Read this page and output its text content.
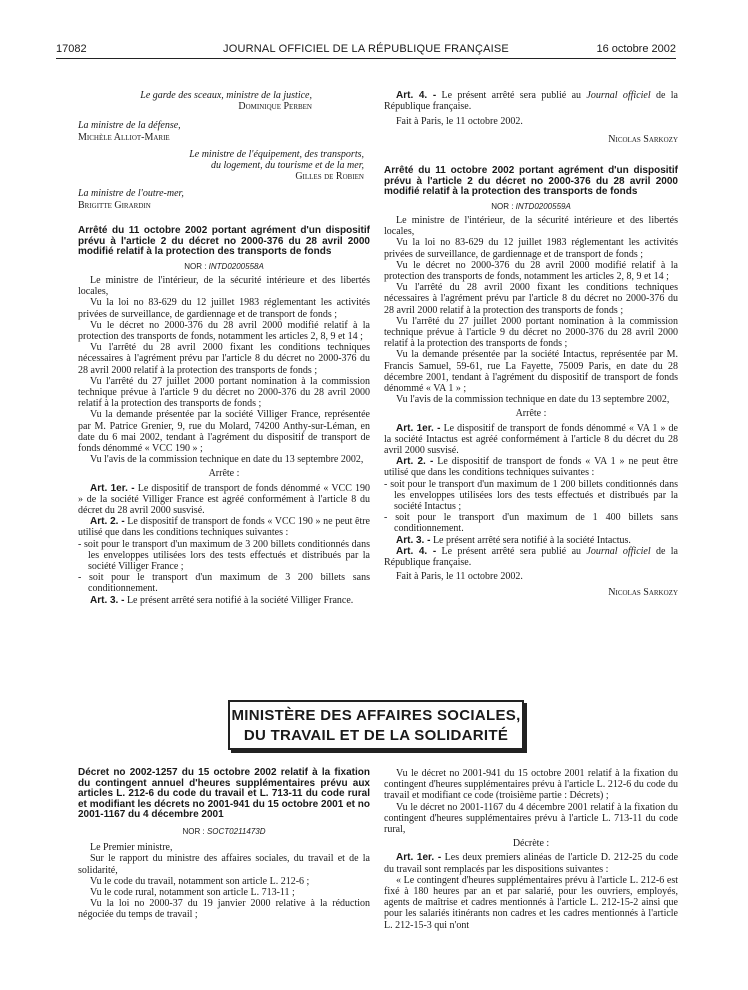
17082	JOURNAL OFFICIEL DE LA RÉPUBLIQUE FRANÇAISE	16 octobre 2002
Le garde des sceaux, ministre de la justice,
Dominique Perben
La ministre de la défense,
Michèle Alliot-Marie
Le ministre de l'équipement, des transports,
du logement, du tourisme et de la mer,
Gilles de Robien
La ministre de l'outre-mer,
Brigitte Girardin

Arrêté du 11 octobre 2002 portant agrément d'un dispositif prévu à l'article 2 du décret no 2000-376 du 28 avril 2000 modifié relatif à la protection des transports de fonds

NOR : INTD0200558A

Le ministre de l'intérieur, de la sécurité intérieure et des libertés locales,

Vu la loi no 83-629 du 12 juillet 1983 réglementant les activités privées de surveillance, de gardiennage et de transport de fonds ;

Vu le décret no 2000-376 du 28 avril 2000 modifié relatif à la protection des transports de fonds, notamment les articles 2, 8, 9 et 14 ;

Vu l'arrêté du 28 avril 2000 fixant les conditions techniques nécessaires à l'agrément prévu par l'article 8 du décret no 2000-376 du 28 avril 2000 relatif à la protection des transports de fonds ;

Vu l'arrêté du 27 juillet 2000 portant nomination à la commission technique prévue à l'article 9 du décret no 2000-376 du 28 avril 2000 relatif à la protection des transports de fonds ;

Vu la demande présentée par la société Villiger France, représentée par M. Patrice Grenier, 9, rue du Molard, 74200 Anthy-sur-Léman, en date du 6 mai 2002, tendant à l'agrément du dispositif de transport de fonds dénommé « VCC 190 » ;

Vu l'avis de la commission technique en date du 13 septembre 2002,

Arrête :

Art. 1er. - Le dispositif de transport de fonds dénommé « VCC 190 » de la société Villiger France est agréé conformément à l'article 8 du décret du 28 avril 2000 susvisé.

Art. 2. - Le dispositif de transport de fonds « VCC 190 » ne peut être utilisé que dans les conditions techniques suivantes :

- soit pour le transport d'un maximum de 3 200 billets conditionnés dans les enveloppes utilisées lors des tests effectués et distribués par la société Villiger France ;

- soit pour le transport d'un maximum de 3 200 billets sans conditionnement.

Art. 3. - Le présent arrêté sera notifié à la société Villiger France.

Art. 4. - Le présent arrêté sera publié au Journal officiel de la République française.

Fait à Paris, le 11 octobre 2002.

Nicolas Sarkozy

Arrêté du 11 octobre 2002 portant agrément d'un dispositif prévu à l'article 2 du décret no 2000-376 du 28 avril 2000 modifié relatif à la protection des transports de fonds

NOR : INTD0200559A

Le ministre de l'intérieur, de la sécurité intérieure et des libertés locales,

Vu la loi no 83-629 du 12 juillet 1983 réglementant les activités privées de surveillance, de gardiennage et de transport de fonds ;

Vu le décret no 2000-376 du 28 avril 2000 modifié relatif à la protection des transports de fonds, notamment les articles 2, 8, 9 et 14 ;

Vu l'arrêté du 28 avril 2000 fixant les conditions techniques nécessaires à l'agrément prévu par l'article 8 du décret no 2000-376 du 28 avril 2000 relatif à la protection des transports de fonds ;

Vu l'arrêté du 27 juillet 2000 portant nomination à la commission technique prévue à l'article 9 du décret no 2000-376 du 28 avril 2000 relatif à la protection des transports de fonds ;

Vu la demande présentée par la société Intactus, représentée par M. Francis Samuel, 59-61, rue La Fayette, 75009 Paris, en date du 28 décembre 2001, tendant à l'agrément du dispositif de transport de fonds dénommé « VA 1 » ;

Vu l'avis de la commission technique en date du 13 septembre 2002,

Arrête :

Art. 1er. - Le dispositif de transport de fonds dénommé « VA 1 » de la société Intactus est agréé conformément à l'article 8 du décret du 28 avril 2000 susvisé.

Art. 2. - Le dispositif de transport de fonds « VA 1 » ne peut être utilisé que dans les conditions techniques suivantes :

- soit pour le transport d'un maximum de 1 200 billets conditionnés dans les enveloppes utilisées lors des tests effectués et distribués par la société Intactus ;

- soit pour le transport d'un maximum de 1 400 billets sans conditionnement.

Art. 3. - Le présent arrêté sera notifié à la société Intactus.

Art. 4. - Le présent arrêté sera publié au Journal officiel de la République française.

Fait à Paris, le 11 octobre 2002.

Nicolas Sarkozy

MINISTÈRE DES AFFAIRES SOCIALES,
DU TRAVAIL ET DE LA SOLIDARITÉ

Décret no 2002-1257 du 15 octobre 2002 relatif à la fixation du contingent annuel d'heures supplémentaires prévu aux articles L. 212-6 du code du travail et L. 713-11 du code rural et modifiant les décrets no 2001-941 du 15 octobre 2001 et no 2001-1167 du 4 décembre 2001

NOR : SOCT0211473D

Le Premier ministre,

Sur le rapport du ministre des affaires sociales, du travail et de la solidarité,

Vu le code du travail, notamment son article L. 212-6 ;

Vu le code rural, notamment son article L. 713-11 ;

Vu la loi no 2000-37 du 19 janvier 2000 relative à la réduction négociée du temps de travail ;

Vu le décret no 2001-941 du 15 octobre 2001 relatif à la fixation du contingent d'heures supplémentaires prévu à l'article L. 212-6 du code du travail et modifiant ce code (troisième partie : Décrets) ;

Vu le décret no 2001-1167 du 4 décembre 2001 relatif à la fixation du contingent d'heures supplémentaires prévu à l'article L. 713-11 du code rural,

Décrète :

Art. 1er. - Les deux premiers alinéas de l'article D. 212-25 du code du travail sont remplacés par les dispositions suivantes :

« Le contingent d'heures supplémentaires prévu à l'article L. 212-6 est fixé à 180 heures par an et par salarié, pour les ouvriers, employés, agents de maîtrise et cadres mentionnés à l'article L. 212-15-2 ainsi que pour les salariés itinérants non cadres et les cadres mentionnés à l'article L. 212-15-3 qui n'ont
